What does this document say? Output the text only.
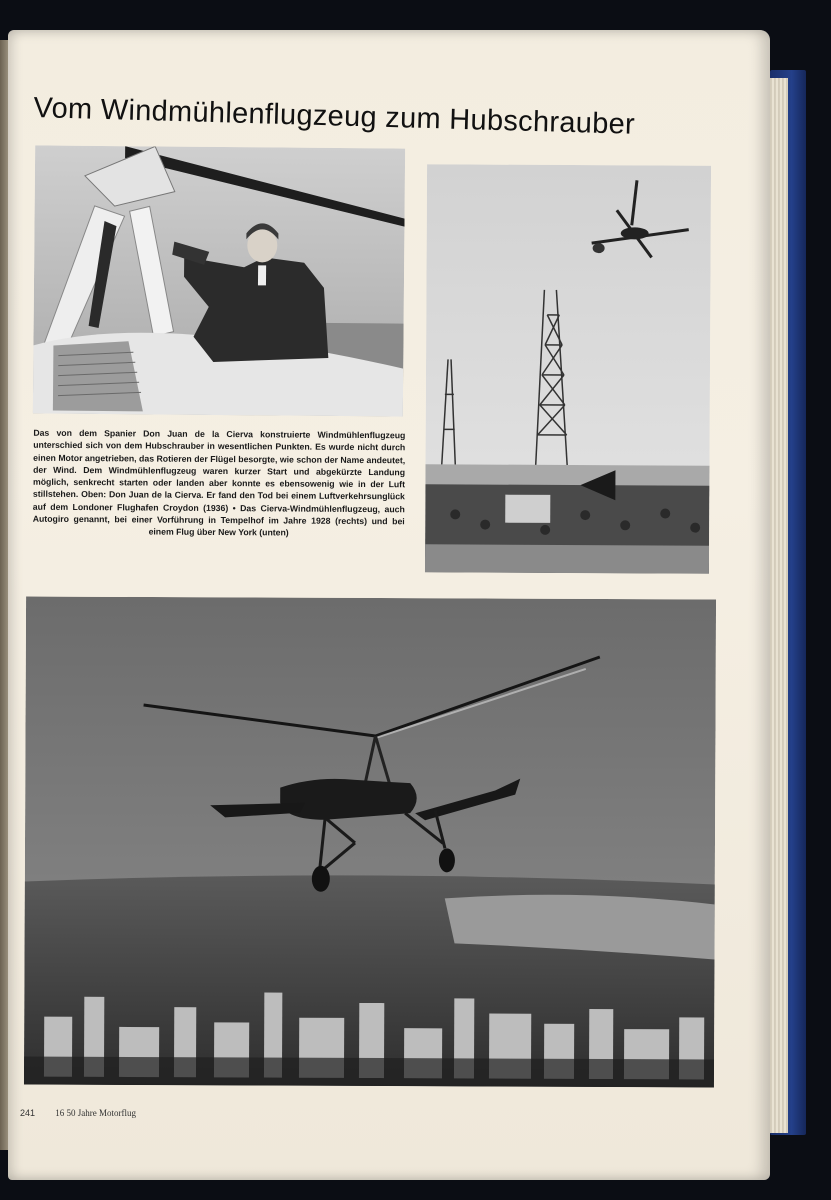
Vom Windmühlenflugzeug zum Hubschrauber
Das von dem Spanier Don Juan de la Cierva konstruierte Windmühlenflugzeug unterschied sich von dem Hubschrauber in wesentlichen Punkten. Es wurde nicht durch einen Motor angetrieben, das Rotieren der Flügel besorgte, wie schon der Name andeutet, der Wind. Dem Windmühlenflugzeug waren kurzer Start und abgekürzte Landung möglich, senkrecht starten oder landen aber konnte es ebensowenig wie in der Luft stillstehen. Oben: Don Juan de la Cierva. Er fand den Tod bei einem Luftverkehrsunglück auf dem Londoner Flughafen Croydon (1936) • Das Cierva-Windmühlenflugzeug, auch Autogiro genannt, bei einer Vorführung in Tempelhof im Jahre 1928 (rechts) und bei einem Flug über New York (unten)
241 16 50 Jahre Motorflug
